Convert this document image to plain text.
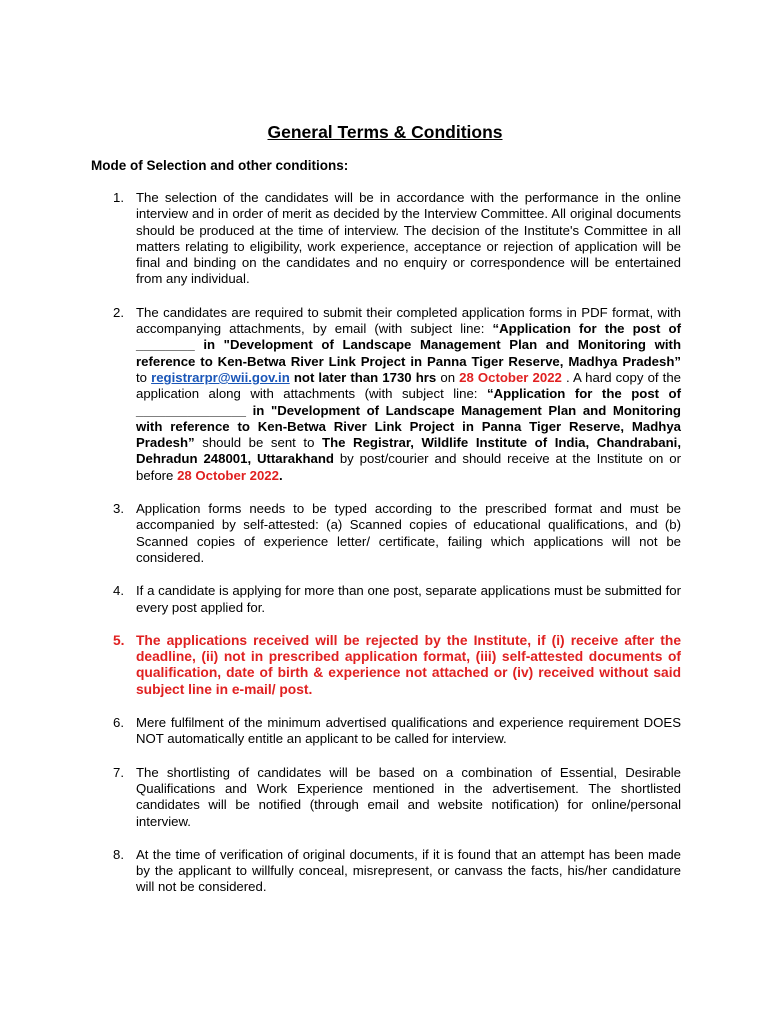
General Terms & Conditions

Mode of Selection and other conditions:

1. The selection of the candidates will be in accordance with the performance in the online interview and in order of merit as decided by the Interview Committee. All original documents should be produced at the time of interview. The decision of the Institute's Committee in all matters relating to eligibility, work experience, acceptance or rejection of application will be final and binding on the candidates and no enquiry or correspondence will be entertained from any individual.
2. The candidates are required to submit their completed application forms in PDF format, with accompanying attachments, by email (with subject line: “Application for the post of ________ in "Development of Landscape Management Plan and Monitoring with reference to Ken-Betwa River Link Project in Panna Tiger Reserve, Madhya Pradesh” to registrarpr@wii.gov.in not later than 1730 hrs on 28 October 2022 . A hard copy of the application along with attachments (with subject line: “Application for the post of _______________ in "Development of Landscape Management Plan and Monitoring with reference to Ken-Betwa River Link Project in Panna Tiger Reserve, Madhya Pradesh” should be sent to The Registrar, Wildlife Institute of India, Chandrabani, Dehradun 248001, Uttarakhand by post/courier and should receive at the Institute on or before 28 October 2022.
3. Application forms needs to be typed according to the prescribed format and must be accompanied by self-attested: (a) Scanned copies of educational qualifications, and (b) Scanned copies of experience letter/ certificate, failing which applications will not be considered.
4. If a candidate is applying for more than one post, separate applications must be submitted for every post applied for.
5. The applications received will be rejected by the Institute, if (i) receive after the deadline, (ii) not in prescribed application format, (iii) self-attested documents of qualification, date of birth & experience not attached or (iv) received without said subject line in e-mail/ post.
6. Mere fulfilment of the minimum advertised qualifications and experience requirement DOES NOT automatically entitle an applicant to be called for interview.
7. The shortlisting of candidates will be based on a combination of Essential, Desirable Qualifications and Work Experience mentioned in the advertisement. The shortlisted candidates will be notified (through email and website notification) for online/personal interview.
8. At the time of verification of original documents, if it is found that an attempt has been made by the applicant to willfully conceal, misrepresent, or canvass the facts, his/her candidature will not be considered.
